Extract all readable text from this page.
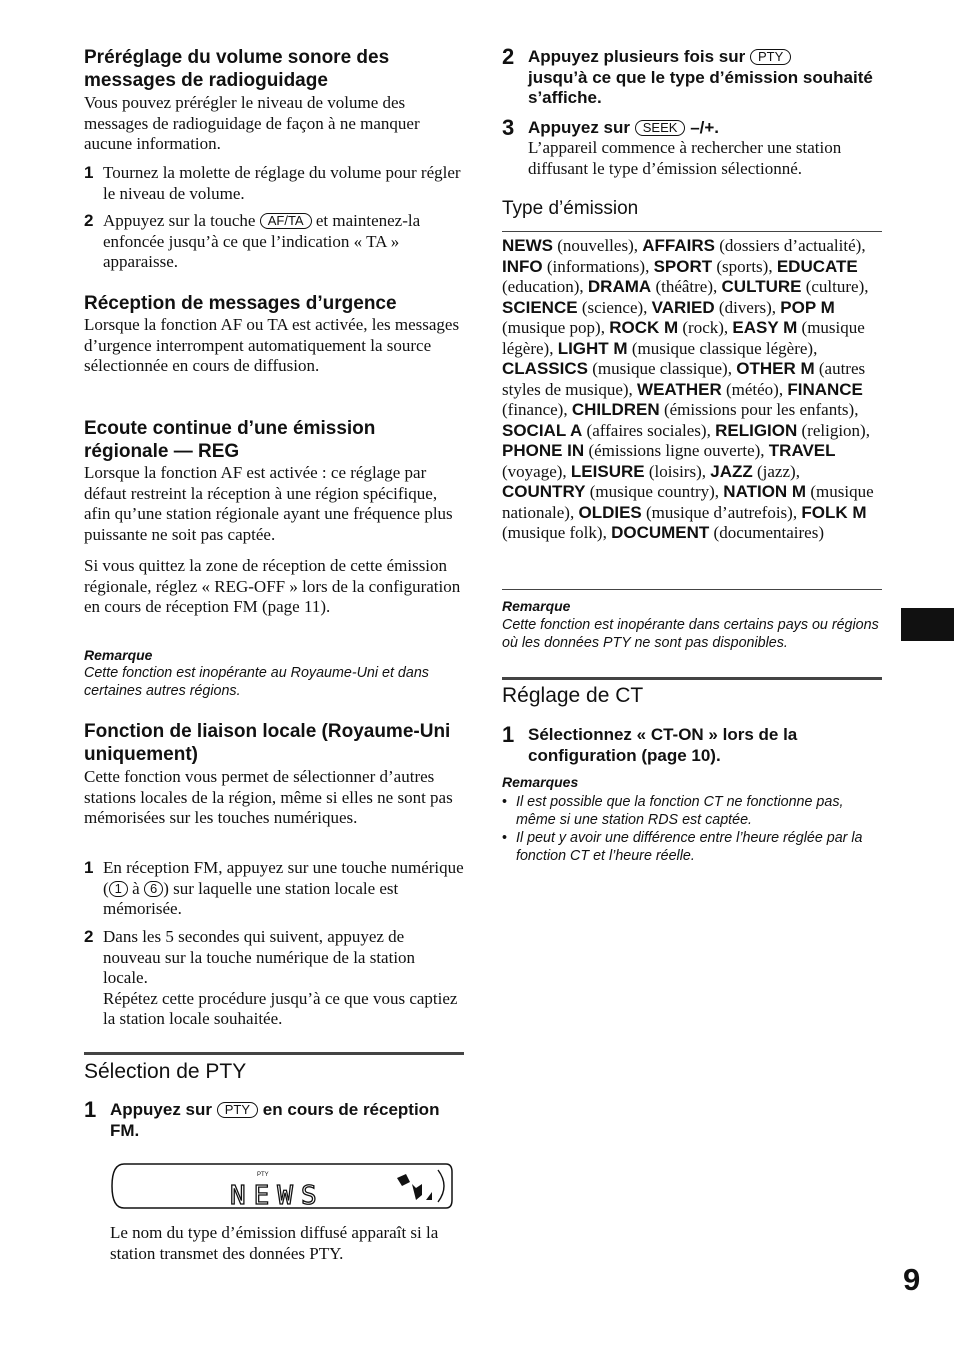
Préréglage du volume sonore des messages de radioguidage
Vous pouvez prérégler le niveau de volume des messages de radioguidage de façon à ne manquer aucune information.
1 Tournez la molette de réglage du volume pour régler le niveau de volume.
2 Appuyez sur la touche AF/TA et maintenez-la enfoncée jusqu’à ce que l’indication « TA » apparaisse.
Réception de messages d’urgence
Lorsque la fonction AF ou TA est activée, les messages d’urgence interrompent automatiquement la source sélectionnée en cours de diffusion.
Ecoute continue d’une émission régionale — REG
Lorsque la fonction AF est activée : ce réglage par défaut restreint la réception à une région spécifique, afin qu’une station régionale ayant une fréquence plus puissante ne soit pas captée.
Si vous quittez la zone de réception de cette émission régionale, réglez « REG-OFF » lors de la configuration en cours de réception FM (page 11).
Remarque
Cette fonction est inopérante au Royaume-Uni et dans certaines autres régions.
Fonction de liaison locale (Royaume-Uni uniquement)
Cette fonction vous permet de sélectionner d’autres stations locales de la région, même si elles ne sont pas mémorisées sur les touches numériques.
1 En réception FM, appuyez sur une touche numérique ( 1 à 6 ) sur laquelle une station locale est mémorisée.
2 Dans les 5 secondes qui suivent, appuyez de nouveau sur la touche numérique de la station locale.
Répétez cette procédure jusqu’à ce que vous captiez la station locale souhaitée.
Sélection de PTY
1 Appuyez sur PTY en cours de réception FM.
PTY
NEWS
Le nom du type d’émission diffusé apparaît si la station transmet des données PTY.
2 Appuyez plusieurs fois sur PTY
jusqu’à ce que le type d’émission souhaité s’affiche.
3 Appuyez sur SEEK –/+.
L’appareil commence à rechercher une station diffusant le type d’émission sélectionné.
Type d’émission
NEWS (nouvelles), AFFAIRS (dossiers d’actualité), INFO (informations), SPORT (sports), EDUCATE (education), DRAMA (théâtre), CULTURE (culture), SCIENCE (science), VARIED (divers), POP M (musique pop), ROCK M (rock), EASY M (musique légère), LIGHT M (musique classique légère), CLASSICS (musique classique), OTHER M (autres styles de musique), WEATHER (météo), FINANCE (finance), CHILDREN (émissions pour les enfants), SOCIAL A (affaires sociales), RELIGION (religion), PHONE IN (émissions ligne ouverte), TRAVEL (voyage), LEISURE (loisirs), JAZZ (jazz), COUNTRY (musique country), NATION M (musique nationale), OLDIES (musique d’autrefois), FOLK M (musique folk), DOCUMENT (documentaires)
Remarque
Cette fonction est inopérante dans certains pays ou régions où les données PTY ne sont pas disponibles.
Réglage de CT
1 Sélectionnez « CT-ON » lors de la configuration (page 10).
Remarques
• Il est possible que la fonction CT ne fonctionne pas, même si une station RDS est captée.
• Il peut y avoir une différence entre l’heure réglée par la fonction CT et l’heure réelle.
9
